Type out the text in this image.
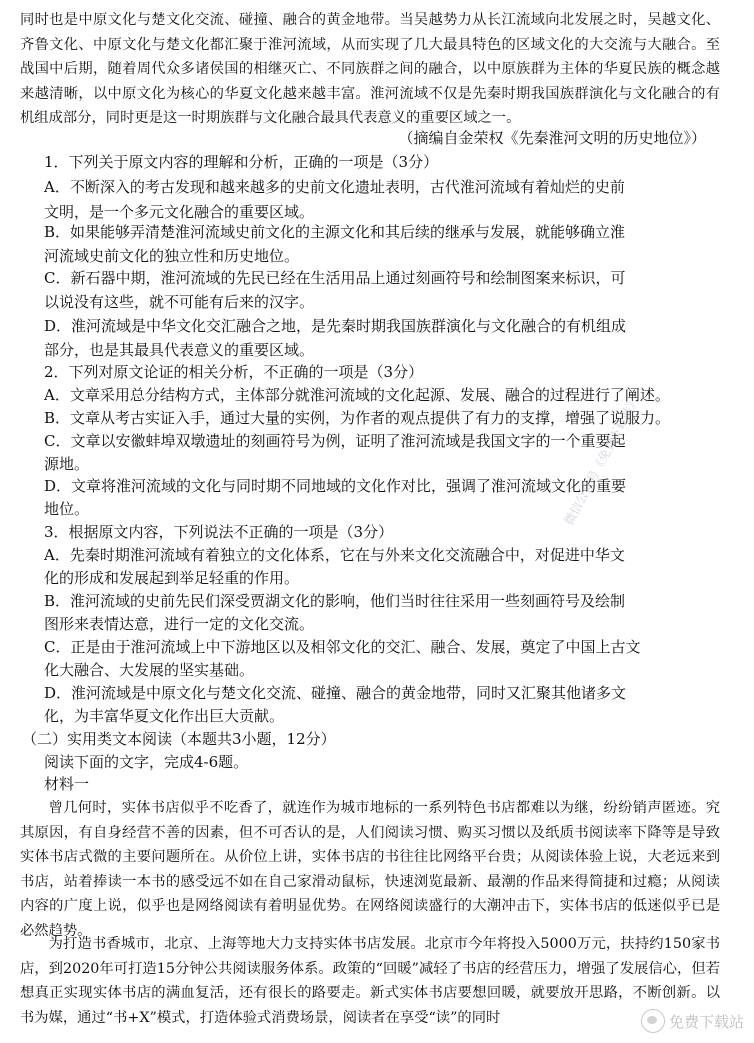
同时也是中原文化与楚文化交流、碰撞、融合的黄金地带。当吴越势力从长江流域向北发展之时，吴越文化、齐鲁文化、中原文化与楚文化都汇聚于淮河流域，从而实现了几大最具特色的区域文化的大交流与大融合。至战国中后期，随着周代众多诸侯国的相继灭亡、不同族群之间的融合，以中原族群为主体的华夏民族的概念越来越清晰，以中原文化为核心的华夏文化越来越丰富。淮河流域不仅是先秦时期我国族群演化与文化融合的有机组成部分，同时更是这一时期族群与文化融合最具代表意义的重要区域之一。

（摘编自金荣权《先秦淮河文明的历史地位》）

1．下列关于原文内容的理解和分析，正确的一项是（3分）

A．不断深入的考古发现和越来越多的史前文化遗址表明，古代淮河流域有着灿烂的史前

文明，是一个多元文化融合的重要区域。

B．如果能够弄清楚淮河流域史前文化的主源文化和其后续的继承与发展，就能够确立淮

河流域史前文化的独立性和历史地位。

C．新石器中期，淮河流域的先民已经在生活用品上通过刻画符号和绘制图案来标识，可

以说没有这些，就不可能有后来的汉字。

D．淮河流域是中华文化交汇融合之地，是先秦时期我国族群演化与文化融合的有机组成

部分，也是其最具代表意义的重要区域。

2．下列对原文论证的相关分析，不正确的一项是（3分）

A．文章采用总分结构方式，主体部分就淮河流域的文化起源、发展、融合的过程进行了阐述。

B．文章从考古实证入手，通过大量的实例，为作者的观点提供了有力的支撑，增强了说服力。

C．文章以安徽蚌埠双墩遗址的刻画符号为例，证明了淮河流域是我国文字的一个重要起

源地。

D．文章将淮河流域的文化与同时期不同地域的文化作对比，强调了淮河流域文化的重要

地位。

3．根据原文内容，下列说法不正确的一项是（3分）

A．先秦时期淮河流域有着独立的文化体系，它在与外来文化交流融合中，对促进中华文

化的形成和发展起到举足轻重的作用。

B．淮河流域的史前先民们深受贾湖文化的影响，他们当时往往采用一些刻画符号及绘制

图形来表情达意，进行一定的文化交流。

C．正是由于淮河流域上中下游地区以及相邻文化的交汇、融合、发展，奠定了中国上古文

化大融合、大发展的坚实基础。

D．淮河流域是中原文化与楚文化交流、碰撞、融合的黄金地带，同时又汇聚其他诸多文

化，为丰富华夏文化作出巨大贡献。

（二）实用类文本阅读（本题共3小题，12分）

阅读下面的文字，完成4-6题。

材料一

曾几何时，实体书店似乎不吃香了，就连作为城市地标的一系列特色书店都难以为继，纷纷销声匿迹。究其原因，有自身经营不善的因素，但不可否认的是，人们阅读习惯、购买习惯以及纸质书阅读率下降等是导致实体书店式微的主要问题所在。从价位上讲，实体书店的书往往比网络平台贵；从阅读体验上说，大老远来到书店，站着捧读一本书的感受远不如在自己家滑动鼠标，快速浏览最新、最潮的作品来得简捷和过瘾；从阅读内容的广度上说，似乎也是网络阅读有着明显优势。在网络阅读盛行的大潮冲击下，实体书店的低迷似乎已是必然趋势。

为打造书香城市，北京、上海等地大力支持实体书店发展。北京市今年将投入5000万元，扶持约150家书店，到2020年可打造15分钟公共阅读服务体系。政策的“回暖”减轻了书店的经营压力，增强了发展信心，但若想真正实现实体书店的满血复活，还有很长的路要走。新式实体书店要想回暖，就要放开思路，不断创新。以书为媒，通过“书+X”模式，打造体验式消费场景，阅读者在享受“读”的同时

微信公众号《免费下载站》
免费下载站
